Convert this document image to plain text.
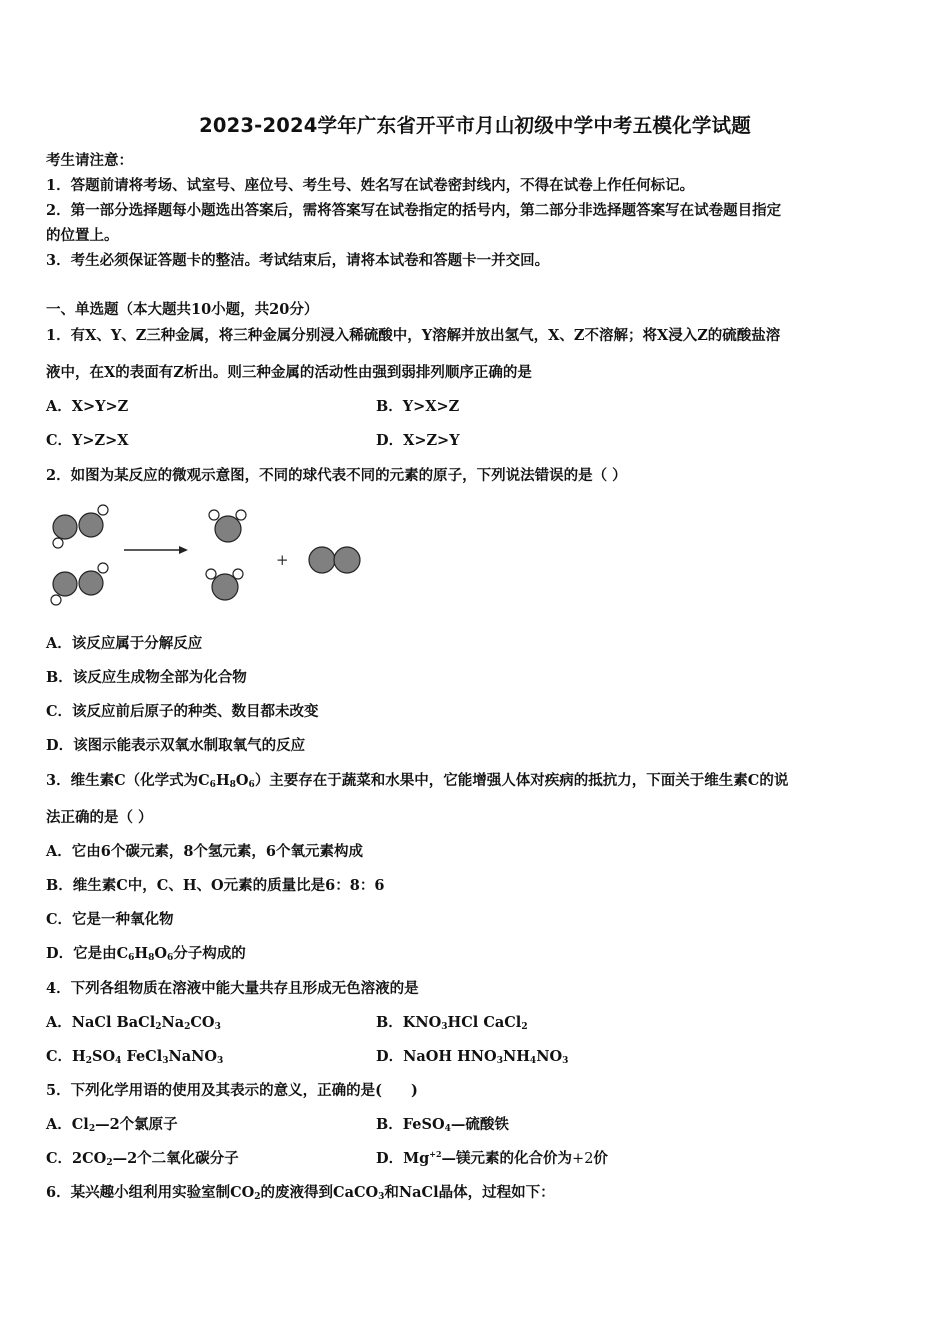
2023-2024学年广东省开平市月山初级中学中考五模化学试题
考生请注意：
1．答题前请将考场、试室号、座位号、考生号、姓名写在试卷密封线内，不得在试卷上作任何标记。
2．第一部分选择题每小题选出答案后，需将答案写在试卷指定的括号内，第二部分非选择题答案写在试卷题目指定
的位置上。
3．考生必须保证答题卡的整洁。考试结束后，请将本试卷和答题卡一并交回。
一、单选题（本大题共10小题，共20分）
1．有X、Y、Z三种金属，将三种金属分别浸入稀硫酸中，Y溶解并放出氢气，X、Z不溶解；将X浸入Z的硫酸盐溶
液中，在X的表面有Z析出。则三种金属的活动性由强到弱排列顺序正确的是
A．X>Y>Z	B．Y>X>Z
C．Y>Z>X	D．X>Z>Y
2．如图为某反应的微观示意图，不同的球代表不同的元素的原子，下列说法错误的是（ ）
+
A．该反应属于分解反应
B．该反应生成物全部为化合物
C．该反应前后原子的种类、数目都未改变
D．该图示能表示双氧水制取氧气的反应
3．维生素C（化学式为$C_6H_8O_6$）主要存在于蔬菜和水果中，它能增强人体对疾病的抵抗力，下面关于维生素C的说
法正确的是（ ）
A．它由6个碳元素，8个氢元素，6个氧元素构成
B．维生素C中，C、H、O元素的质量比是6：8：6
C．它是一种氧化物
D．它是由$C_6H_8O_6$分子构成的
4．下列各组物质在溶液中能大量共存且形成无色溶液的是
A．NaCl $BaCl_2Na_2CO_3$	B．$KNO_3HCl$ CaCl$_2$
C．$H_2SO_4$ FeCl$_3$NaNO$_3$	D．NaOH $HNO_3NH_4NO_3$
5．下列化学用语的使用及其表示的意义，正确的是(　　)
A．$Cl_2—2$个氯原子	B．FeSO$_4$—硫酸铁
C．$2CO_2—2$个二氧化碳分子	D．$Mg^{+2}—$镁元素的化合价为+2价
6．某兴趣小组利用实验室制$CO_2$的废液得到CaCO$_3$和NaCl晶体，过程如下：
